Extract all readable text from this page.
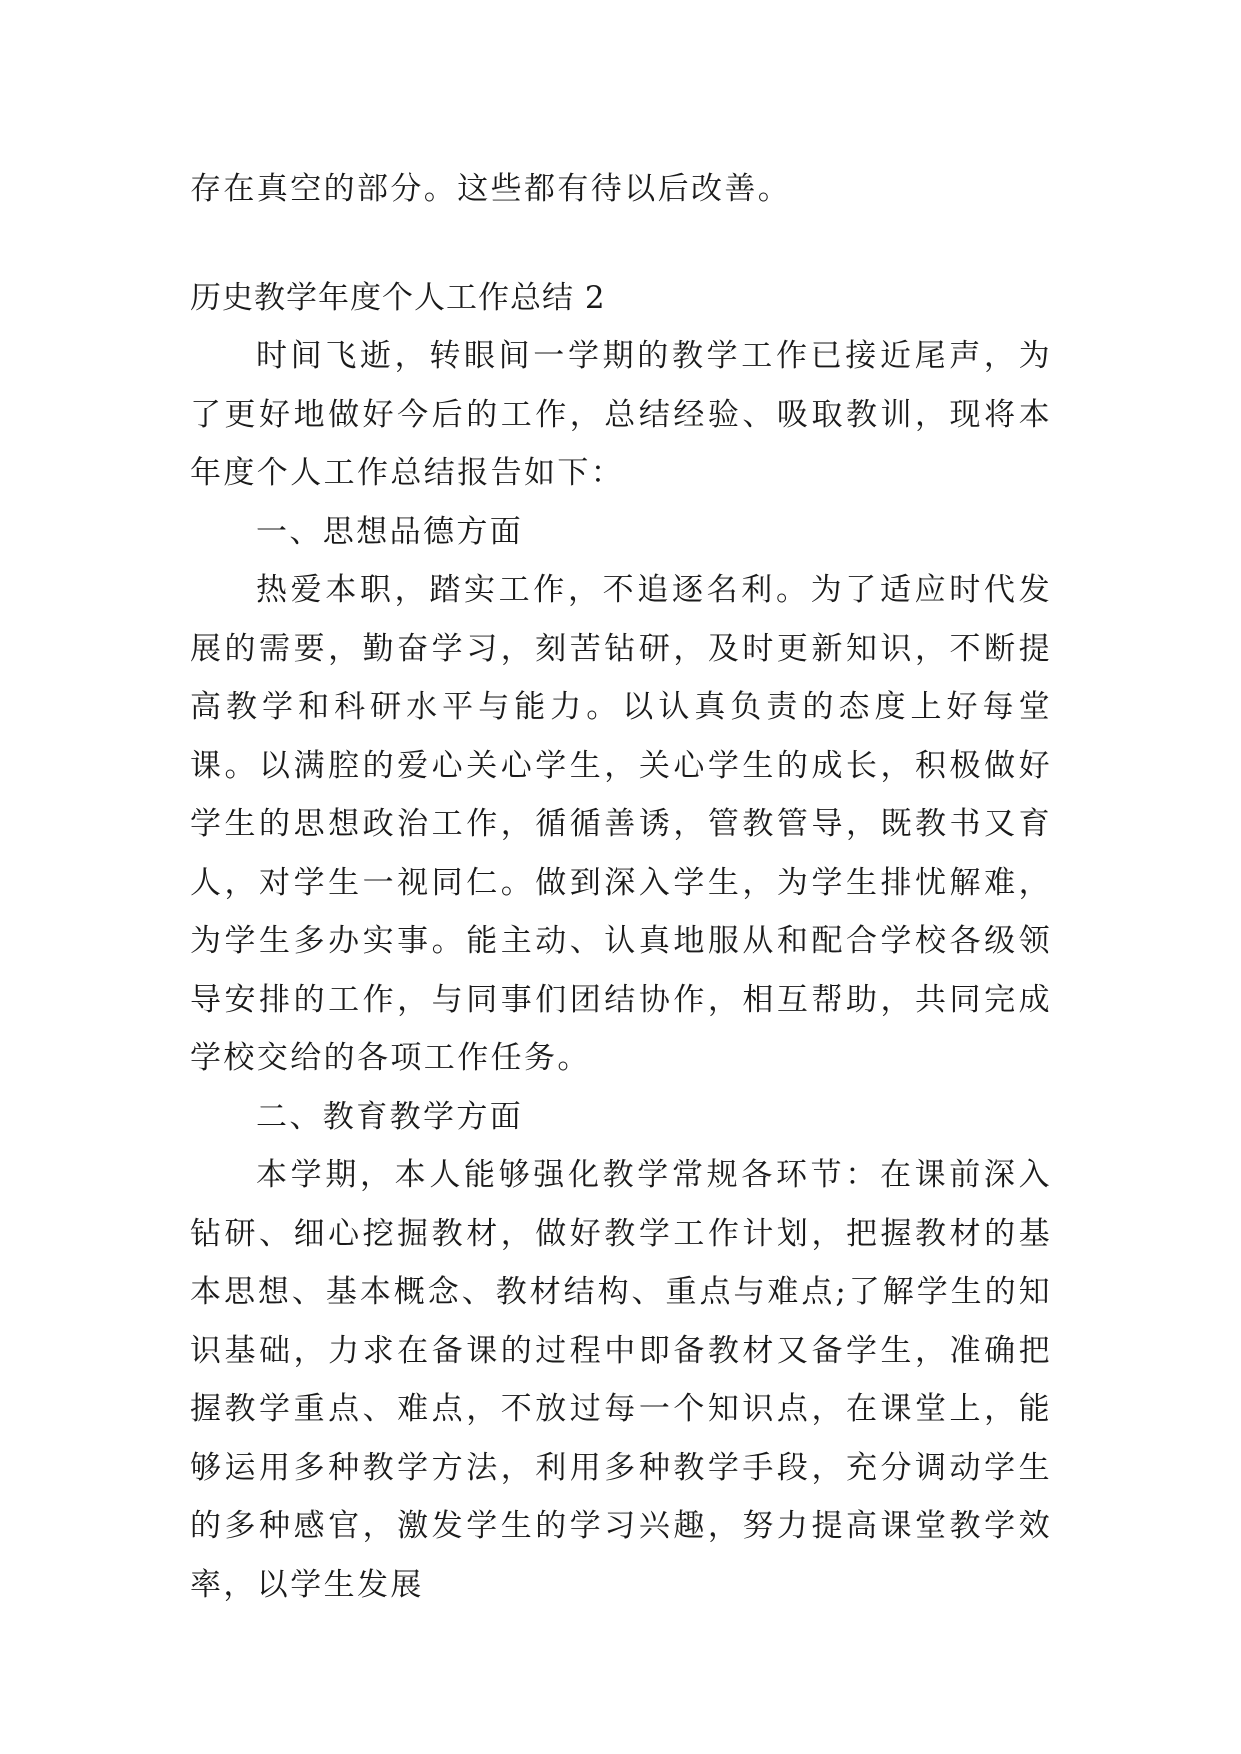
存在真空的部分。这些都有待以后改善。

历史教学年度个人工作总结 2

时间飞逝，转眼间一学期的教学工作已接近尾声，为了更好地做好今后的工作，总结经验、吸取教训，现将本年度个人工作总结报告如下：

一、思想品德方面

热爱本职，踏实工作，不追逐名利。为了适应时代发展的需要，勤奋学习，刻苦钻研，及时更新知识，不断提高教学和科研水平与能力。以认真负责的态度上好每堂课。以满腔的爱心关心学生，关心学生的成长，积极做好学生的思想政治工作，循循善诱，管教管导，既教书又育人，对学生一视同仁。做到深入学生，为学生排忧解难，为学生多办实事。能主动、认真地服从和配合学校各级领导安排的工作，与同事们团结协作，相互帮助，共同完成学校交给的各项工作任务。

二、教育教学方面

本学期，本人能够强化教学常规各环节：在课前深入钻研、细心挖掘教材，做好教学工作计划，把握教材的基本思想、基本概念、教材结构、重点与难点;了解学生的知识基础，力求在备课的过程中即备教材又备学生，准确把握教学重点、难点，不放过每一个知识点，在课堂上，能够运用多种教学方法，利用多种教学手段，充分调动学生的多种感官，激发学生的学习兴趣，努力提高课堂教学效率，以学生发展
